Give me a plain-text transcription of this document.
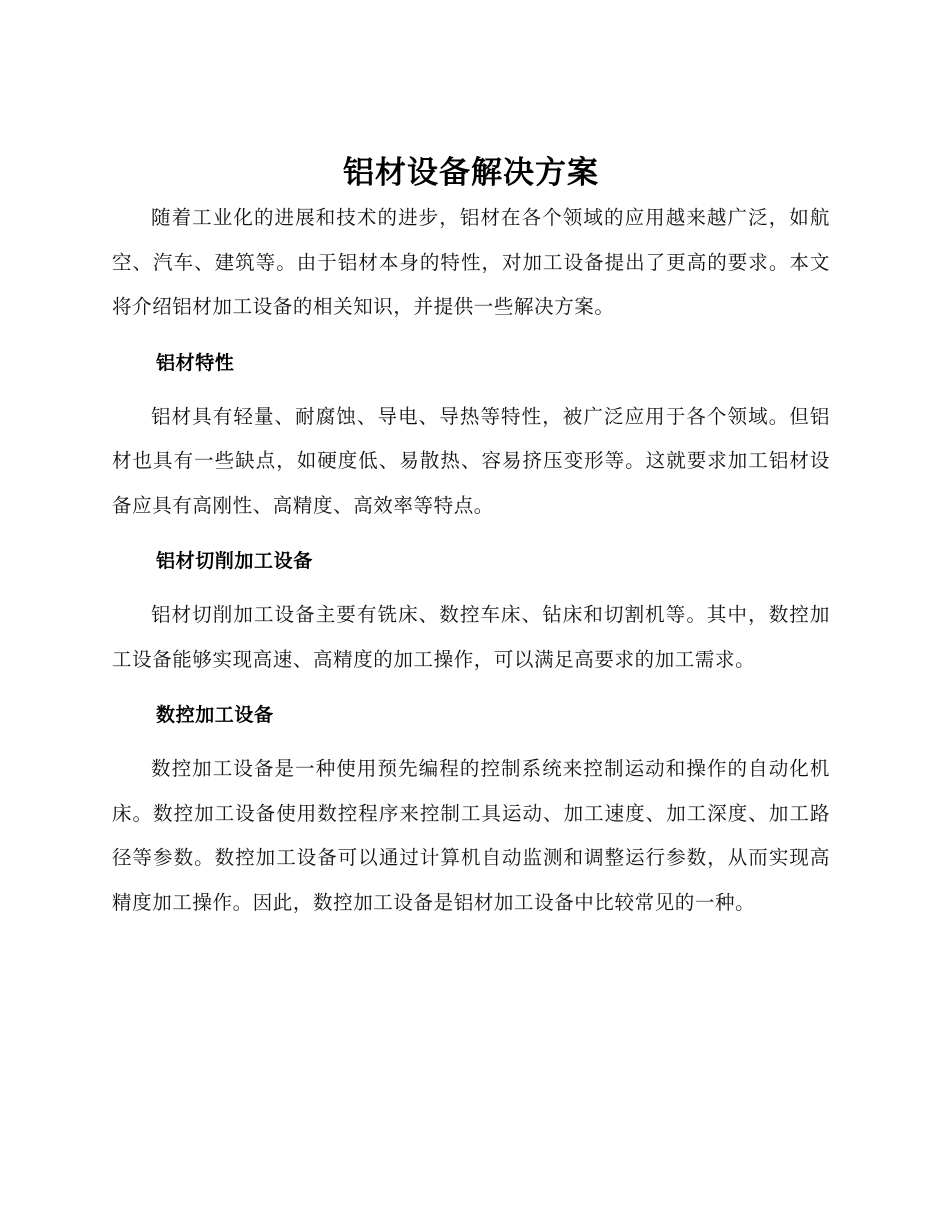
铝材设备解决方案

随着工业化的进展和技术的进步，铝材在各个领域的应用越来越广泛，如航空、汽车、建筑等。由于铝材本身的特性，对加工设备提出了更高的要求。本文将介绍铝材加工设备的相关知识，并提供一些解决方案。

铝材特性

铝材具有轻量、耐腐蚀、导电、导热等特性，被广泛应用于各个领域。但铝材也具有一些缺点，如硬度低、易散热、容易挤压变形等。这就要求加工铝材设备应具有高刚性、高精度、高效率等特点。

铝材切削加工设备

铝材切削加工设备主要有铣床、数控车床、钻床和切割机等。其中，数控加工设备能够实现高速、高精度的加工操作，可以满足高要求的加工需求。

数控加工设备

数控加工设备是一种使用预先编程的控制系统来控制运动和操作的自动化机床。数控加工设备使用数控程序来控制工具运动、加工速度、加工深度、加工路径等参数。数控加工设备可以通过计算机自动监测和调整运行参数，从而实现高精度加工操作。因此，数控加工设备是铝材加工设备中比较常见的一种。
